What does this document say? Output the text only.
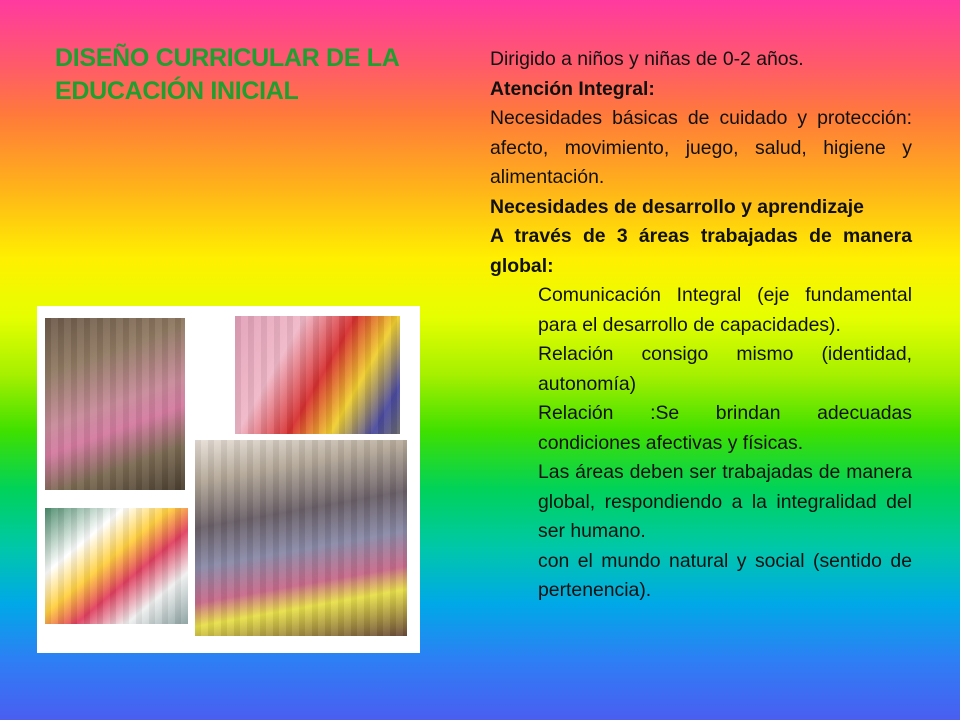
DISEÑO CURRICULAR DE LA
EDUCACIÓN INICIAL

Dirigido a niños y niñas de 0-2 años.

Atención Integral:

Necesidades básicas de cuidado y protección: afecto, movimiento, juego, salud, higiene y alimentación.

Necesidades de desarrollo y aprendizaje

A través de 3 áreas trabajadas de manera global:

Comunicación Integral (eje fundamental para el desarrollo de capacidades).

Relación consigo mismo (identidad, autonomía)

Relación :Se brindan adecuadas condiciones afectivas y físicas.

Las áreas deben ser trabajadas de manera global, respondiendo a la integralidad del ser humano.

con el mundo natural y social (sentido de pertenencia).
